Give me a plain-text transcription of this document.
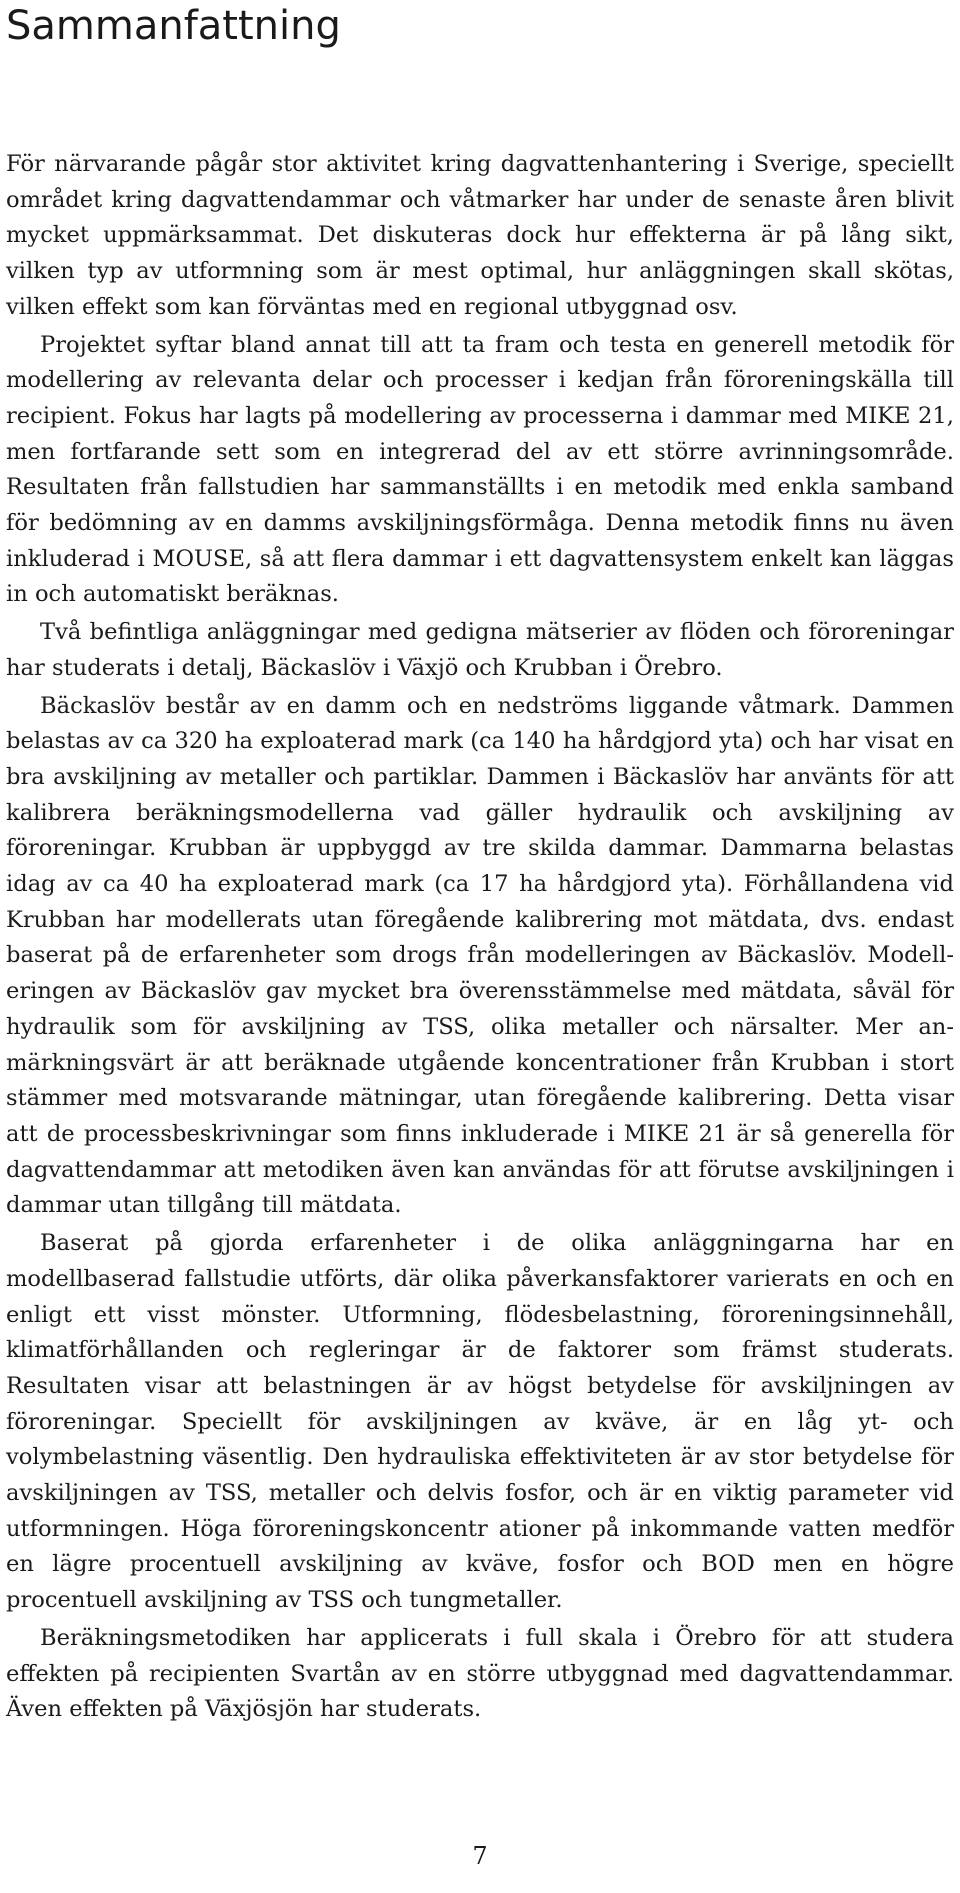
Sammanfattning

För närvarande pågår stor aktivitet kring dagvattenhantering i Sverige, speciellt området kring dagvattendammar och våtmarker har under de senaste åren blivit mycket uppmärksammat. Det diskuteras dock hur effekterna är på lång sikt, vilken typ av utformning som är mest optimal, hur anläggningen skall skötas, vilken effekt som kan förväntas med en regional utbyggnad osv.

Projektet syftar bland annat till att ta fram och testa en generell metodik för modellering av relevanta delar och processer i kedjan från föroreningskälla till recipient. Fokus har lagts på modellering av processerna i dammar med MIKE 21, men fortfarande sett som en integrerad del av ett större avrinningsområde. Resultaten från fallstudien har sammanställts i en metodik med enkla samband för bedömning av en damms avskiljningsförmåga. Denna metodik finns nu även inkluderad i MOUSE, så att flera dammar i ett dagvattensystem enkelt kan läggas in och automatiskt beräknas.

Två befintliga anläggningar med gedigna mätserier av flöden och föroreningar har studerats i detalj, Bäckaslöv i Växjö och Krubban i Örebro.

Bäckaslöv består av en damm och en nedströms liggande våtmark. Dammen belastas av ca 320 ha exploaterad mark (ca 140 ha hårdgjord yta) och har visat en bra avskiljning av metaller och partiklar. Dammen i Bäckaslöv har använts för att kalibrera beräkningsmodellerna vad gäller hydraulik och avskiljning av föroreningar. Krubban är uppbyggd av tre skilda dammar. Dammarna belastas idag av ca 40 ha exploaterad mark (ca 17 ha hårdgjord yta). Förhållandena vid Krubban har modellerats utan föregående kalibrering mot mätdata, dvs. endast baserat på de erfarenheter som drogs från modelleringen av Bäckaslöv. Modelleringen av Bäckaslöv gav mycket bra överensstämmelse med mätdata, såväl för hydraulik som för avskiljning av TSS, olika metaller och närsalter. Mer anmärkningsvärt är att beräknade utgående koncentrationer från Krubban i stort stämmer med motsvarande mätningar, utan föregående kalibrering. Detta visar att de processbeskrivningar som finns inkluderade i MIKE 21 är så generella för dagvattendammar att metodiken även kan användas för att förutse avskiljningen i dammar utan tillgång till mätdata.

Baserat på gjorda erfarenheter i de olika anläggningarna har en modellbaserad fallstudie utförts, där olika påverkansfaktorer varierats en och en enligt ett visst mönster. Utformning, flödesbelastning, föroreningsinnehåll, klimatförhållanden och regleringar är de faktorer som främst studerats. Resultaten visar att belastningen är av högst betydelse för avskiljningen av föroreningar. Speciellt för avskiljningen av kväve, är en låg yt- och volymbelastning väsentlig. Den hydrauliska effektiviteten är av stor betydelse för avskiljningen av TSS, metaller och delvis fosfor, och är en viktig parameter vid utformningen. Höga föroreningskoncentr ationer på inkommande vatten medför en lägre procentuell avskiljning av kväve, fosfor och BOD men en högre procentuell avskiljning av TSS och tungmetaller.

Beräkningsmetodiken har applicerats i full skala i Örebro för att studera effekten på recipienten Svartån av en större utbyggnad med dagvattendammar. Även effekten på Växjösjön har studerats.

7
